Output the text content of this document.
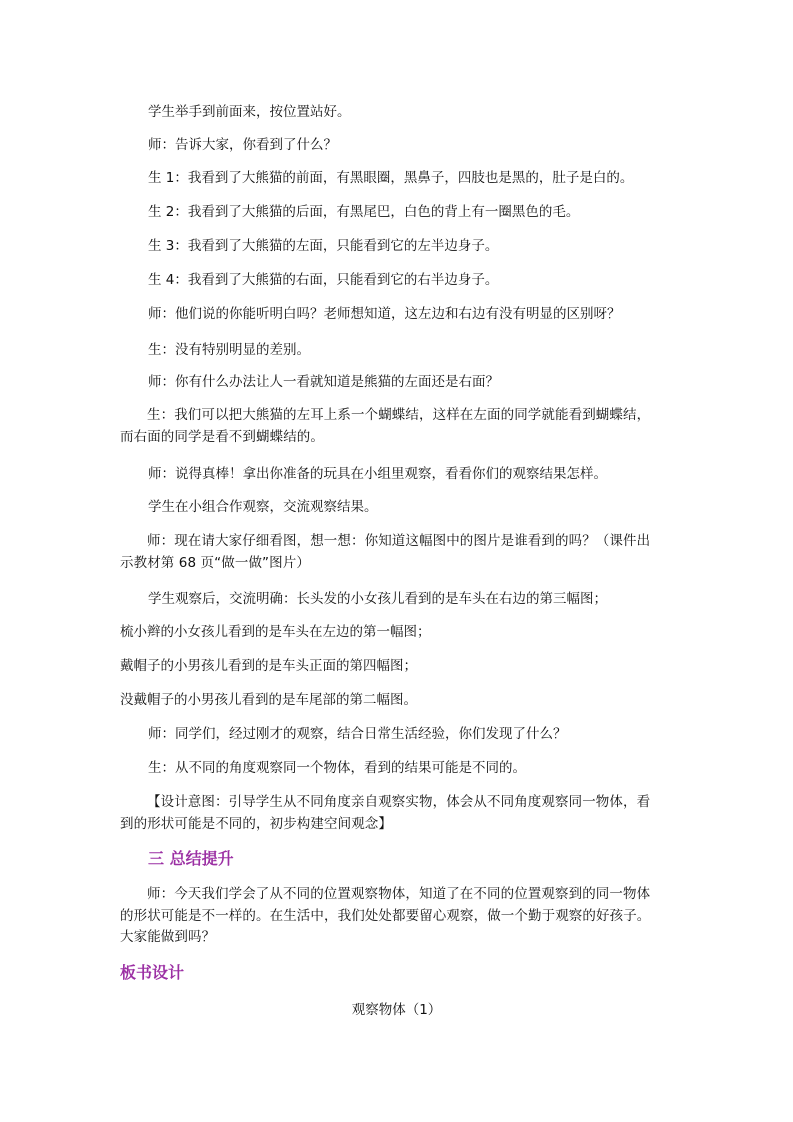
学生举手到前面来，按位置站好。

师：告诉大家，你看到了什么？

生 1：我看到了大熊猫的前面，有黑眼圈，黑鼻子，四肢也是黑的，肚子是白的。

生 2：我看到了大熊猫的后面，有黑尾巴，白色的背上有一圈黑色的毛。

生 3：我看到了大熊猫的左面，只能看到它的左半边身子。

生 4：我看到了大熊猫的右面，只能看到它的右半边身子。

师：他们说的你能听明白吗？老师想知道，这左边和右边有没有明显的区别呀？

生：没有特别明显的差别。

师：你有什么办法让人一看就知道是熊猫的左面还是右面？

生：我们可以把大熊猫的左耳上系一个蝴蝶结，这样在左面的同学就能看到蝴蝶结，而右面的同学是看不到蝴蝶结的。

师：说得真棒！拿出你准备的玩具在小组里观察，看看你们的观察结果怎样。

学生在小组合作观察，交流观察结果。

师：现在请大家仔细看图，想一想：你知道这幅图中的图片是谁看到的吗？（课件出示教材第 68 页“做一做”图片）

学生观察后，交流明确：长头发的小女孩儿看到的是车头在右边的第三幅图；

梳小辫的小女孩儿看到的是车头在左边的第一幅图；

戴帽子的小男孩儿看到的是车头正面的第四幅图；

没戴帽子的小男孩儿看到的是车尾部的第二幅图。

师：同学们，经过刚才的观察，结合日常生活经验，你们发现了什么？

生：从不同的角度观察同一个物体，看到的结果可能是不同的。

【设计意图：引导学生从不同角度亲自观察实物，体会从不同角度观察同一物体，看到的形状可能是不同的，初步构建空间观念】

三 总结提升

师：今天我们学会了从不同的位置观察物体，知道了在不同的位置观察到的同一物体的形状可能是不一样的。在生活中，我们处处都要留心观察，做一个勤于观察的好孩子。大家能做到吗？

板书设计

观察物体（1）
